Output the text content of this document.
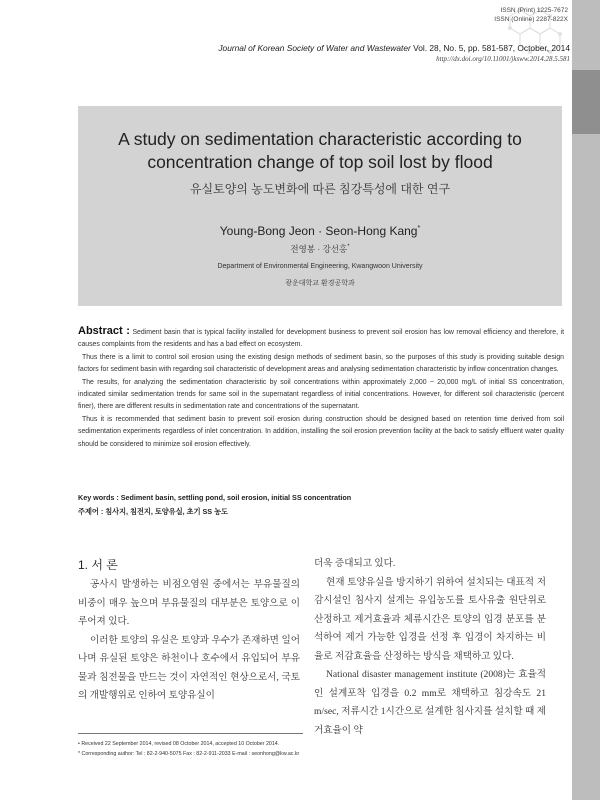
ISSN (Print) 1225-7672
ISSN (Online) 2287-822X
Journal of Korean Society of Water and Wastewater Vol. 28, No. 5, pp. 581-587, October, 2014
http://dx.doi.org/10.11001/jksww.2014.28.5.581
A study on sedimentation characteristic according to concentration change of top soil lost by flood
유실토양의 농도변화에 따른 침강특성에 대한 연구
Young-Bong Jeon · Seon-Hong Kang*
전영봉 · 강선홍*
Department of Environmental Engineering, Kwangwoon University
광운대학교 환경공학과

Abstract : Sediment basin that is typical facility installed for development business to prevent soil erosion has low removal efficiency and therefore, it causes complaints from the residents and has a bad effect on ecosystem.

Thus there is a limit to control soil erosion using the existing design methods of sediment basin, so the purposes of this study is providing suitable design factors for sediment basin with regarding soil characteristic of development areas and analysing sedimentation characteristic by inflow concentration changes.

The results, for analyzing the sedimentation characteristic by soil concentrations within approximately 2,000 ~ 20,000 mg/L of initial SS concentration, indicated similar sedimentation trends for same soil in the supernatant regardless of initial concentrations. However, for different soil characteristic (percent finer), there are different results in sedimentation rate and concentrations of the supernatant.

Thus it is recommended that sediment basin to prevent soil erosion during construction should be designed based on retention time derived from soil sedimentation experiments regardless of inlet concentration. In addition, installing the soil erosion prevention facility at the back to satisfy effluent water quality should be considered to minimize soil erosion effectively.

Key words : Sediment basin, settling pond, soil erosion, initial SS concentration
주제어 : 침사지, 침전지, 토양유실, 초기 SS 농도
1. 서 론

공사시 발생하는 비점오염원 중에서는 부유물질의 비중이 매우 높으며 부유물질의 대부분은 토양으로 이루어져 있다.

이러한 토양의 유실은 토양과 우수가 존재하면 일어나며 유실된 토양은 하천이나 호수에서 유입되어 부유물과 침전물을 만드는 것이 자연적인 현상으로서, 국토의 개발행위로 인하여 토양유실이

더욱 증대되고 있다.

현재 토양유실을 방지하기 위하여 설치되는 대표적 저감시설인 침사지 설계는 유입농도를 토사유출 원단위로 산정하고 제거효율과 체류시간은 토양의 입경 분포를 분석하여 제거 가능한 입경을 선정 후 입경이 차지하는 비율로 저감효율을 산정하는 방식을 채택하고 있다.

National disaster management institute (2008)는 효율적인 설계포착 입경을 0.2 mm로 채택하고 침강속도 21 m/sec, 저류시간 1시간으로 설계한 침사지를 설치할 때 제거효율이 약

• Received 22 September 2014, revised 08 October 2014, accepted 10 October 2014.
* Corresponding author: Tel : 82-2-940-5075 Fax : 82-2-911-2033 E-mail : seonhong@kw.ac.kr
